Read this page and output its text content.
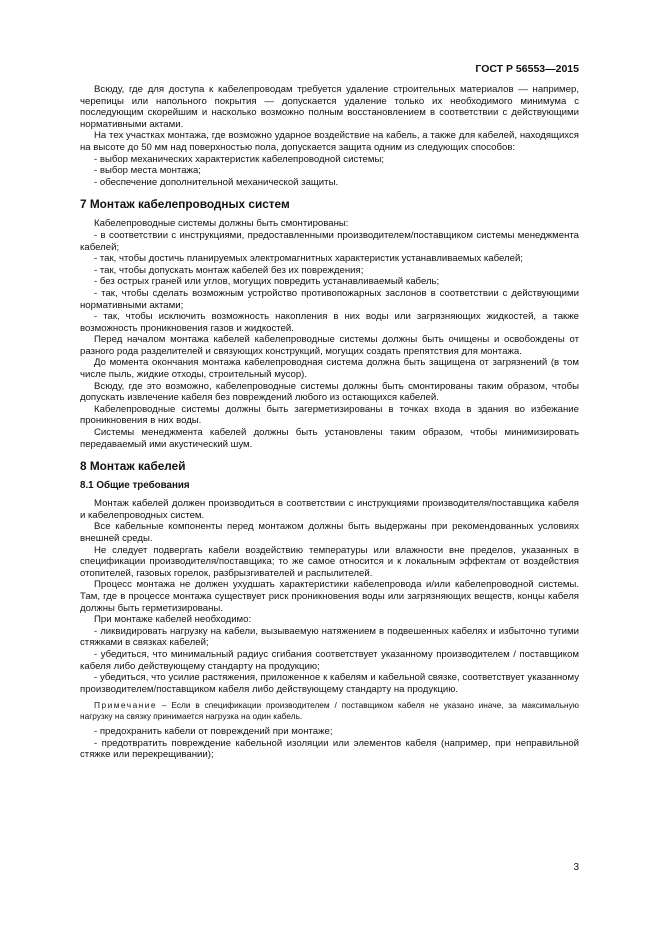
ГОСТ Р 56553—2015

Всюду, где для доступа к кабелепроводам требуется удаление строительных материалов — например, черепицы или напольного покрытия — допускается удаление только их необходимого минимума с последующим скорейшим и насколько возможно полным восстановлением в соответствии с действующими нормативными актами.

На тех участках монтажа, где возможно ударное воздействие на кабель, а также для кабелей, находящихся на высоте до 50 мм над поверхностью пола, допускается защита одним из следующих способов:

- выбор механических характеристик кабелепроводной системы;

- выбор места монтажа;

- обеспечение дополнительной механической защиты.

7 Монтаж кабелепроводных систем

Кабелепроводные системы должны быть смонтированы:

- в соответствии с инструкциями, предоставленными производителем/поставщиком системы менеджмента кабелей;

- так, чтобы достичь планируемых электромагнитных характеристик устанавливаемых кабелей;

- так, чтобы допускать монтаж кабелей без их повреждения;

- без острых граней или углов, могущих повредить устанавливаемый кабель;

- так, чтобы сделать возможным устройство противопожарных заслонов в соответствии с действующими нормативными актами;

- так, чтобы исключить возможность накопления в них воды или загрязняющих жидкостей, а также возможность проникновения газов и жидкостей.

Перед началом монтажа кабелей кабелепроводные системы должны быть очищены и освобождены от разного рода разделителей и связующих конструкций, могущих создать препятствия для монтажа.

До момента окончания монтажа кабелепроводная система должна быть защищена от загрязнений (в том числе пыль, жидкие отходы, строительный мусор).

Всюду, где это возможно, кабелепроводные системы должны быть смонтированы таким образом, чтобы допускать извлечение кабеля без повреждений любого из остающихся кабелей.

Кабелепроводные системы должны быть загерметизированы в точках входа в здания во избежание проникновения в них воды.

Системы менеджмента кабелей должны быть установлены таким образом, чтобы минимизировать передаваемый ими акустический шум.

8 Монтаж кабелей
8.1 Общие требования

Монтаж кабелей должен производиться в соответствии с инструкциями производителя/поставщика кабеля и кабелепроводных систем.

Все кабельные компоненты перед монтажом должны быть выдержаны при рекомендованных условиях внешней среды.

Не следует подвергать кабели воздействию температуры или влажности вне пределов, указанных в спецификации производителя/поставщика; то же самое относится и к локальным эффектам от воздействия отопителей, газовых горелок, разбрызгивателей и распылителей.

Процесс монтажа не должен ухудшать характеристики кабелепровода и/или кабелепроводной системы. Там, где в процессе монтажа существует риск проникновения воды или загрязняющих веществ, концы кабеля должны быть герметизированы.

При монтаже кабелей необходимо:

- ликвидировать нагрузку на кабели, вызываемую натяжением в подвешенных кабелях и избыточно тугими стяжками в связках кабелей;

- убедиться, что минимальный радиус сгибания соответствует указанному производителем / поставщиком кабеля либо действующему стандарту на продукцию;

- убедиться, что усилие растяжения, приложенное к кабелям и кабельной связке, соответствует указанному производителем/поставщиком кабеля либо действующему стандарту на продукцию.

Примечание – Если в спецификации производителем / поставщиком кабеля не указано иначе, за максимальную нагрузку на связку принимается нагрузка на один кабель.

- предохранить кабели от повреждений при монтаже;

- предотвратить повреждение кабельной изоляции или элементов кабеля (например, при неправильной стяжке или перекрещивании);

3
